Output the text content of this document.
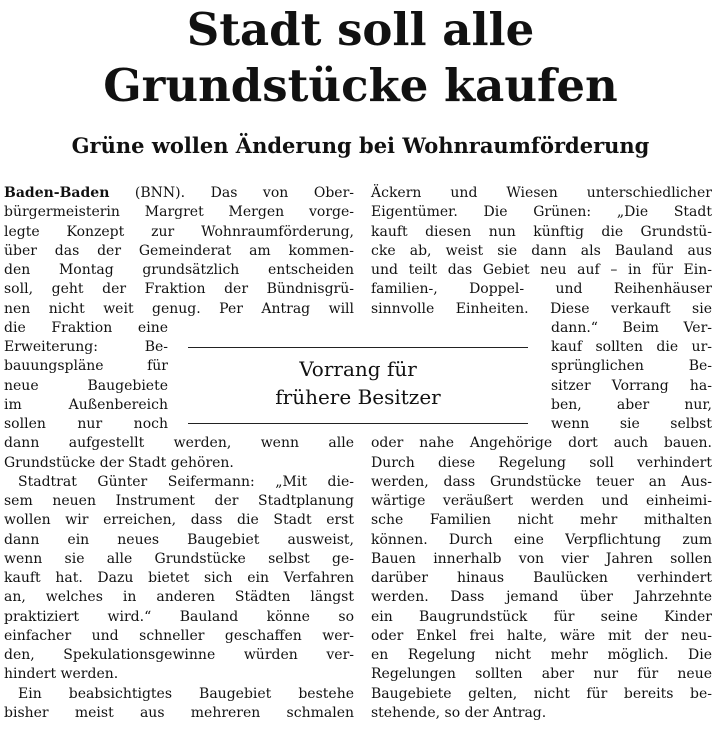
Stadt soll alle
Grundstücke kaufen
Grüne wollen Änderung bei Wohnraumförderung
Baden-Baden (BNN). Das von Ober-
bürgermeisterin Margret Mergen vorge-
legte Konzept zur Wohnraumförderung,
über das der Gemeinderat am kommen-
den Montag grundsätzlich entscheiden
soll, geht der Fraktion der Bündnisgrü-
nen nicht weit genug. Per Antrag will
die Fraktion eine
Erweiterung: Be-
bauungspläne für
neue Baugebiete
im Außenbereich
sollen nur noch
dann aufgestellt werden, wenn alle
Grundstücke der Stadt gehören.
Stadtrat Günter Seifermann: „Mit die-
sem neuen Instrument der Stadtplanung
wollen wir erreichen, dass die Stadt erst
dann ein neues Baugebiet ausweist,
wenn sie alle Grundstücke selbst ge-
kauft hat. Dazu bietet sich ein Verfahren
an, welches in anderen Städten längst
praktiziert wird.“ Bauland könne so
einfacher und schneller geschaffen wer-
den, Spekulationsgewinne würden ver-
hindert werden.
Ein beabsichtigtes Baugebiet bestehe
bisher meist aus mehreren schmalen
Äckern und Wiesen unterschiedlicher
Eigentümer. Die Grünen: „Die Stadt
kauft diesen nun künftig die Grundstü-
cke ab, weist sie dann als Bauland aus
und teilt das Gebiet neu auf – in für Ein-
familien-, Doppel- und Reihenhäuser
sinnvolle Einheiten. Diese verkauft sie
dann.“ Beim Ver-
kauf sollten die ur-
sprünglichen Be-
sitzer Vorrang ha-
ben, aber nur,
wenn sie selbst
oder nahe Angehörige dort auch bauen.
Durch diese Regelung soll verhindert
werden, dass Grundstücke teuer an Aus-
wärtige veräußert werden und einheimi-
sche Familien nicht mehr mithalten
können. Durch eine Verpflichtung zum
Bauen innerhalb von vier Jahren sollen
darüber hinaus Baulücken verhindert
werden. Dass jemand über Jahrzehnte
ein Baugrundstück für seine Kinder
oder Enkel frei halte, wäre mit der neu-
en Regelung nicht mehr möglich. Die
Regelungen sollten aber nur für neue
Baugebiete gelten, nicht für bereits be-
stehende, so der Antrag.
Vorrang für
frühere Besitzer
